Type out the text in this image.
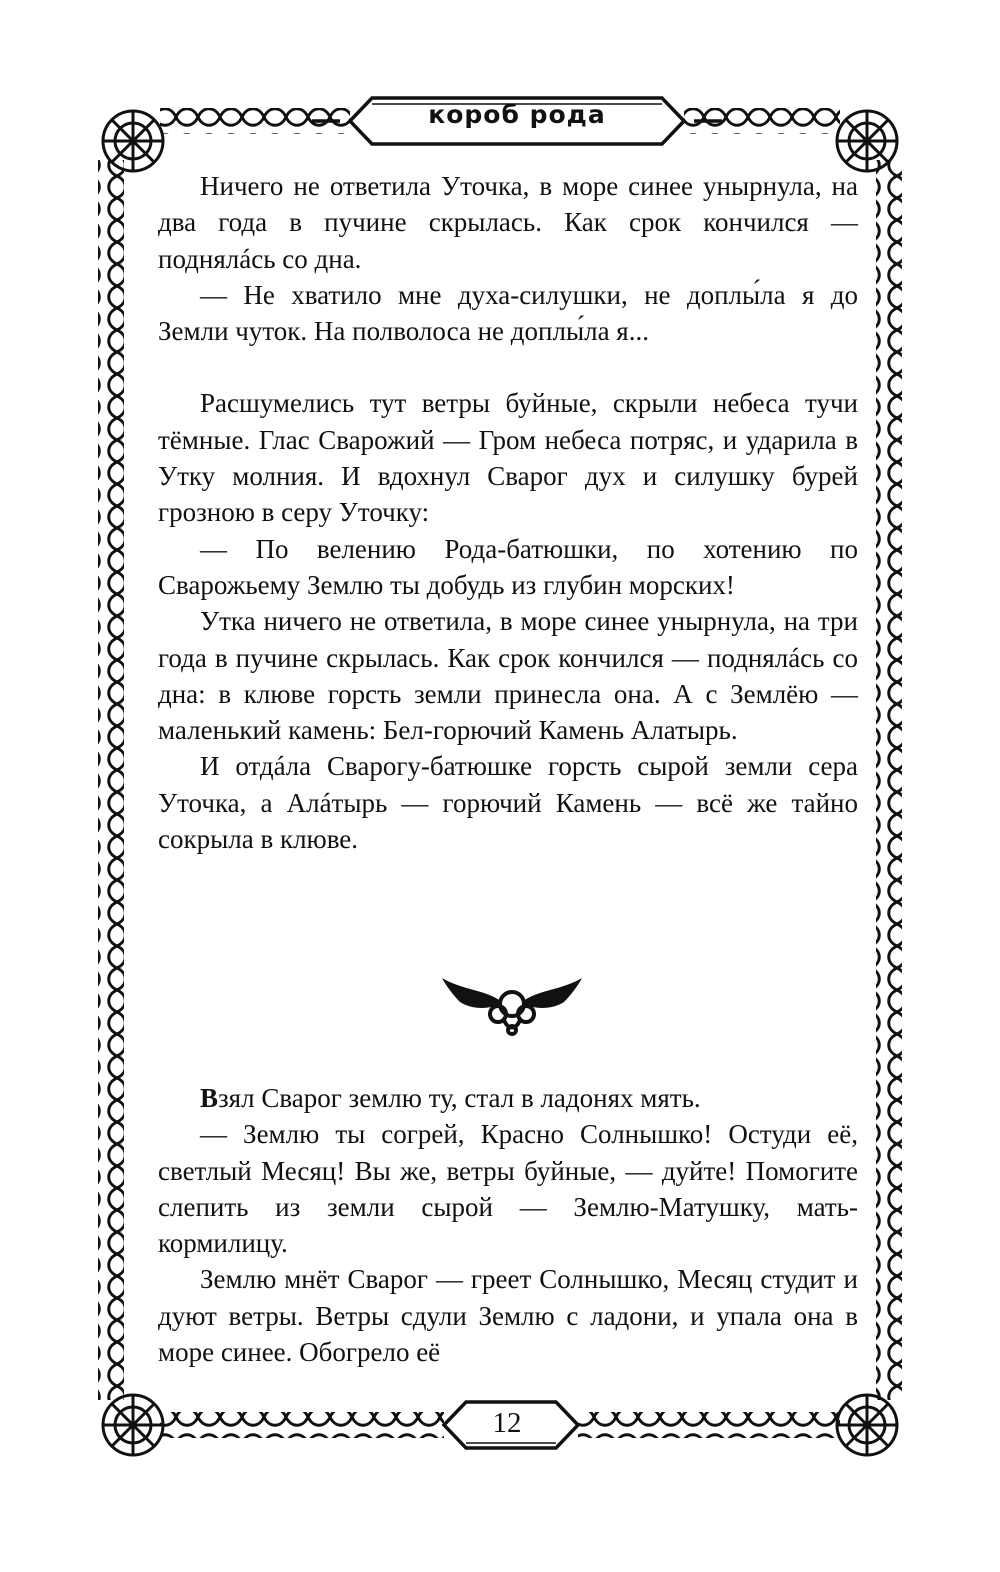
короб рода

Ничего не ответила Уточка, в море синее унырнула, на два года в пучине скрылась. Как срок кончился — поднялáсь со дна.

— Не хватило мне духа-силушки, не доплы́ла я до Земли чуток. На полволоса не доплы́ла я...

Расшумелись тут ветры буйные, скрыли небеса тучи тёмные. Глас Сварожий — Гром небеса потряс, и ударила в Утку молния. И вдохнул Сварог дух и силушку бурей грозною в серу Уточку:

— По велению Рода-батюшки, по хотению по Сварожьему Землю ты добудь из глубин морских!

Утка ничего не ответила, в море синее унырнула, на три года в пучине скрылась. Как срок кончился — поднялáсь со дна: в клюве горсть земли принесла она. А с Землёю — маленький камень: Бел-горючий Камень Алатырь.

И отдáла Сварогу-батюшке горсть сырой земли сера Уточка, а Алáтырь — горючий Камень — всё же тайно сокрыла в клюве.

Взял Сварог землю ту, стал в ладонях мять.

— Землю ты согрей, Красно Солнышко! Остуди её, светлый Месяц! Вы же, ветры буйные, — дуйте! Помогите слепить из земли сырой — Землю-Матушку, мать-кормилицу.

Землю мнёт Сварог — греет Солнышко, Месяц студит и дуют ветры. Ветры сдули Землю с ладони, и упала она в море синее. Обогрело её

12
